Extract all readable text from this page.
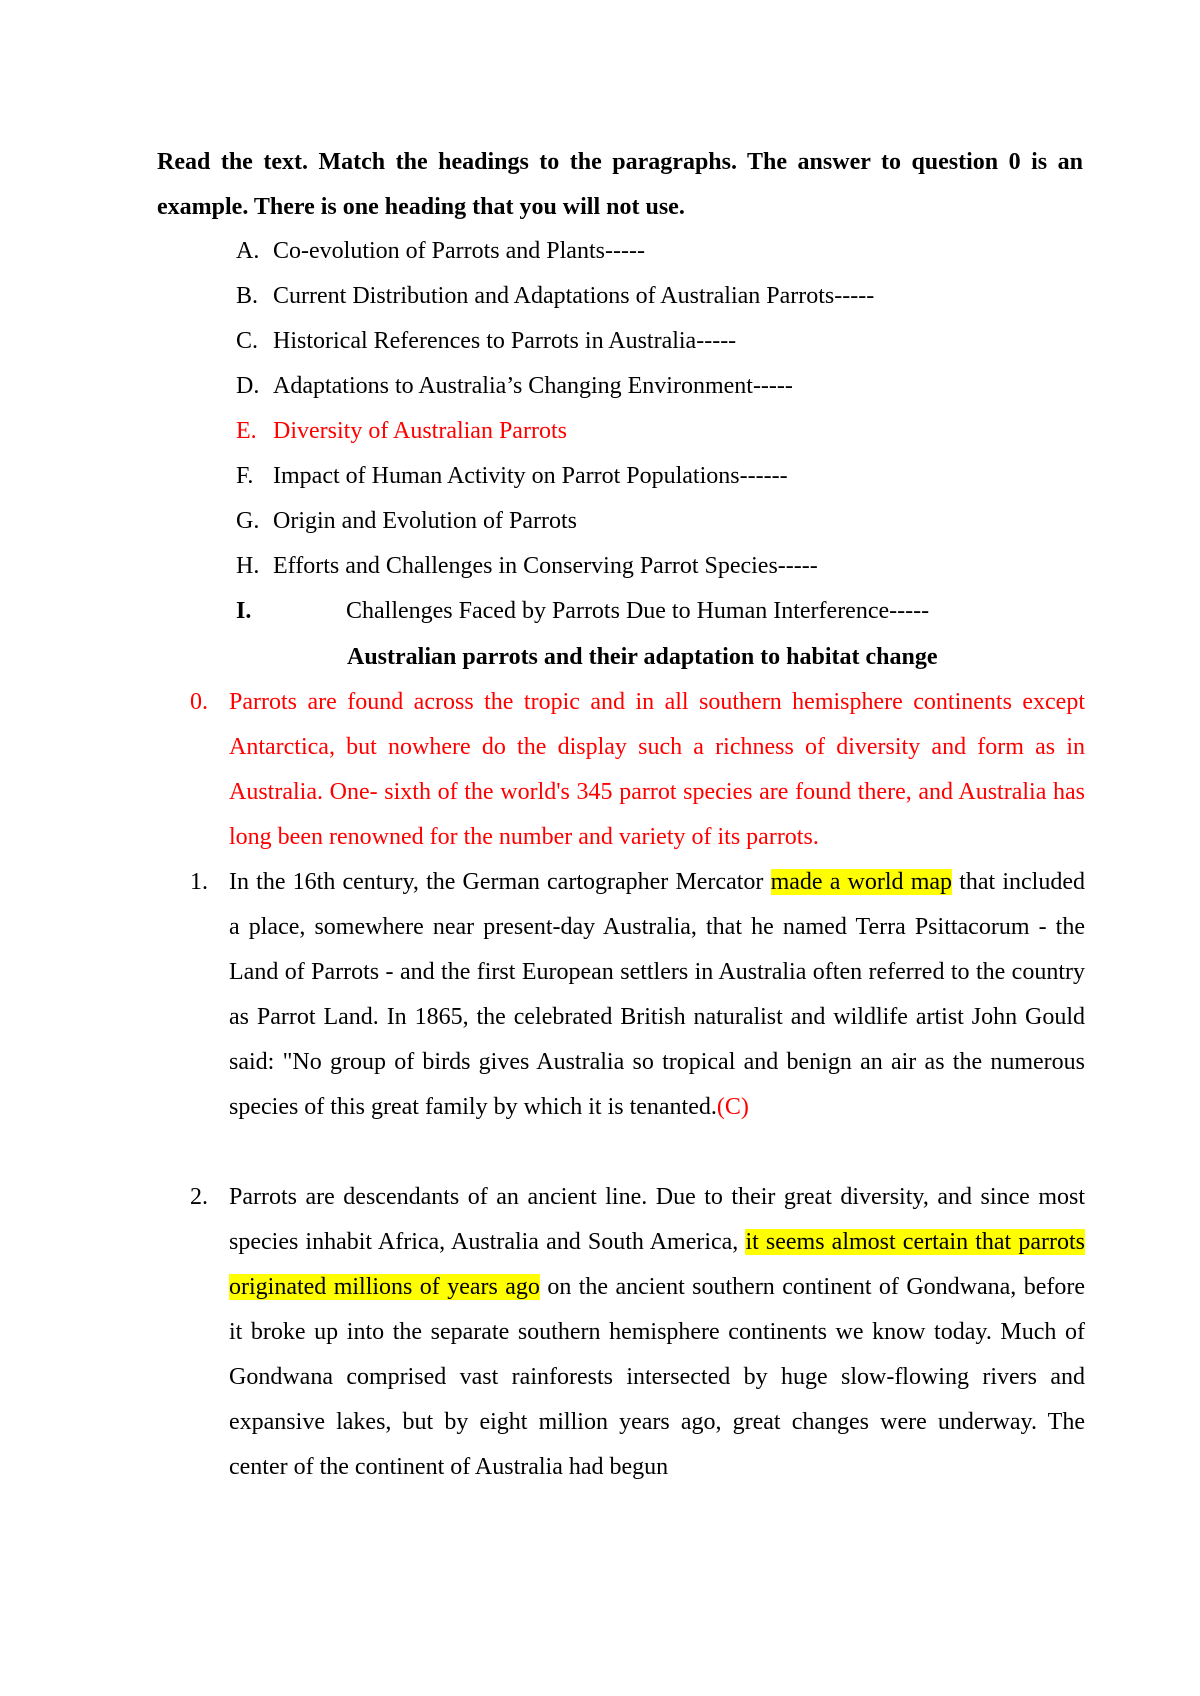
Read the text. Match the headings to the paragraphs. The answer to question 0 is an example. There is one heading that you will not use.

A. Co-evolution of Parrots and Plants-----
B. Current Distribution and Adaptations of Australian Parrots-----
C. Historical References to Parrots in Australia-----
D. Adaptations to Australia’s Changing Environment-----
E. Diversity of Australian Parrots
F. Impact of Human Activity on Parrot Populations------
G. Origin and Evolution of Parrots
H. Efforts and Challenges in Conserving Parrot Species-----
I.	Challenges Faced by Parrots Due to Human Interference-----
Australian parrots and their adaptation to habitat change
0. Parrots are found across the tropic and in all southern hemisphere continents except Antarctica, but nowhere do the display such a richness of diversity and form as in Australia. One- sixth of the world's 345 parrot species are found there, and Australia has long been renowned for the number and variety of its parrots.

1. In the 16th century, the German cartographer Mercator made a world map that included a place, somewhere near present-day Australia, that he named Terra Psittacorum - the Land of Parrots - and the first European settlers in Australia often referred to the country as Parrot Land. In 1865, the celebrated British naturalist and wildlife artist John Gould said: "No group of birds gives Australia so tropical and benign an air as the numerous species of this great family by which it is tenanted.(C)

2. Parrots are descendants of an ancient line. Due to their great diversity, and since most species inhabit Africa, Australia and South America, it seems almost certain that parrots originated millions of years ago on the ancient southern continent of Gondwana, before it broke up into the separate southern hemisphere continents we know today. Much of Gondwana comprised vast rainforests intersected by huge slow-flowing rivers and expansive lakes, but by eight million years ago, great changes were underway. The center of the continent of Australia had begun
